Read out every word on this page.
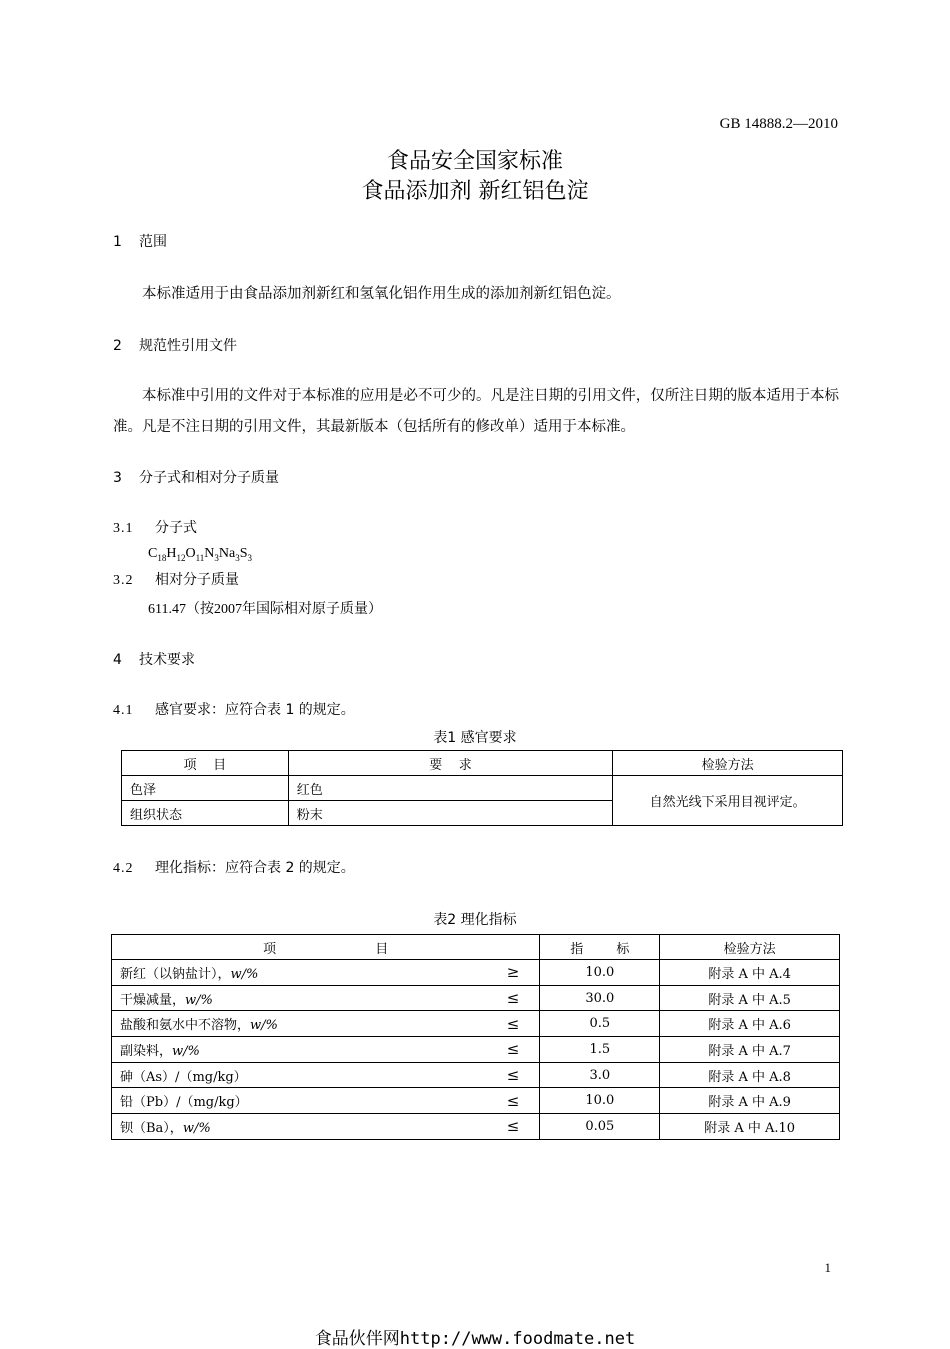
GB 14888.2—2010
食品安全国家标准
食品添加剂 新红铝色淀
1 范围
本标准适用于由食品添加剂新红和氢氧化铝作用生成的添加剂新红铝色淀。
2 规范性引用文件
本标准中引用的文件对于本标准的应用是必不可少的。凡是注日期的引用文件，仅所注日期的版本适用于本标准。凡是不注日期的引用文件，其最新版本（包括所有的修改单）适用于本标准。
3 分子式和相对分子质量
3.1 分子式
$C_{18}H_{12}O_{11}N_3Na_3S_3$
3.2 相对分子质量
611.47（按2007年国际相对原子质量）
4 技术要求
4.1 感官要求：应符合表 1 的规定。
表1 感官要求
项    目	要    求	检验方法
色泽	红色	自然光线下采用目视评定。
组织状态	粉末	
4.2 理化指标：应符合表 2 的规定。
表2 理化指标
项                        目		指        标	检验方法
新红（以钠盐计），w/%	≥	10.0	附录 A 中 A.4
干燥减量，w/%	≤	30.0	附录 A 中 A.5
盐酸和氨水中不溶物，w/%	≤	0.5	附录 A 中 A.6
副染料，w/%	≤	1.5	附录 A 中 A.7
砷（As）/（mg/kg）	≤	3.0	附录 A 中 A.8
铅（Pb）/（mg/kg）	≤	10.0	附录 A 中 A.9
钡（Ba），w/%	≤	0.05	附录 A 中 A.10
1
食品伙伴网http://www.foodmate.net
